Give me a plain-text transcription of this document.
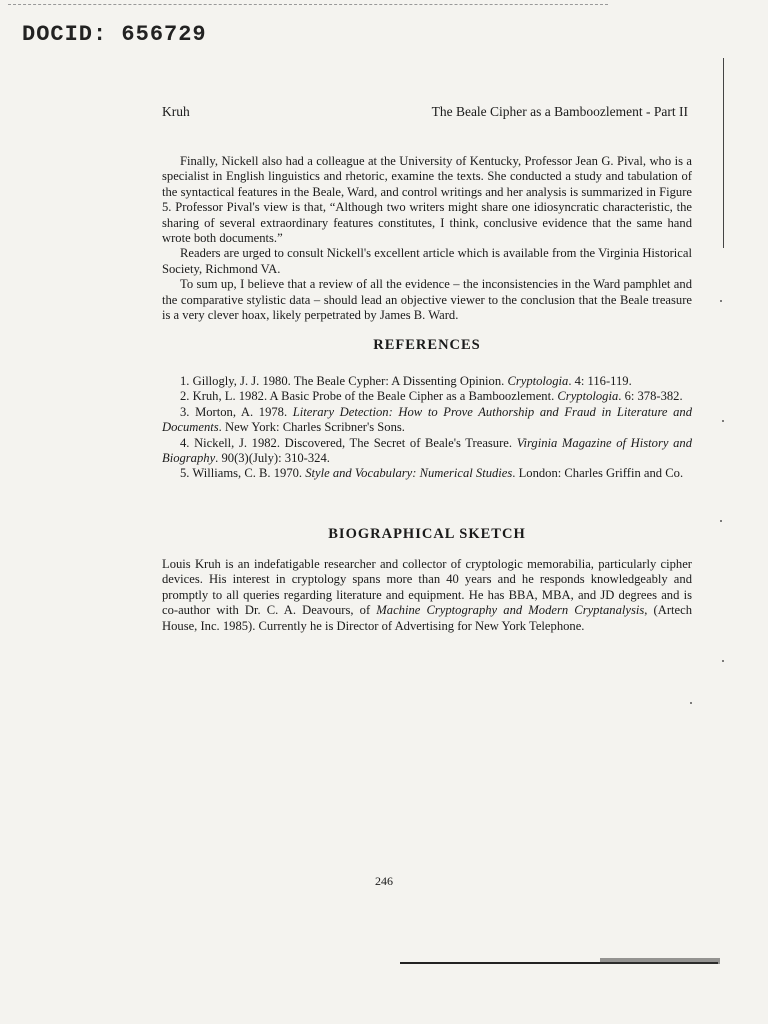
DOCID: 656729
Kruh	The Beale Cipher as a Bamboozlement - Part II

Finally, Nickell also had a colleague at the University of Kentucky, Professor Jean G. Pival, who is a specialist in English linguistics and rhetoric, examine the texts. She conducted a study and tabulation of the syntactical features in the Beale, Ward, and control writings and her analysis is summarized in Figure 5. Professor Pival's view is that, “Although two writers might share one idiosyncratic characteristic, the sharing of several extraordinary features constitutes, I think, conclusive evidence that the same hand wrote both documents.”

Readers are urged to consult Nickell's excellent article which is available from the Virginia Historical Society, Richmond VA.

To sum up, I believe that a review of all the evidence – the inconsistencies in the Ward pamphlet and the comparative stylistic data – should lead an objective viewer to the conclusion that the Beale treasure is a very clever hoax, likely perpetrated by James B. Ward.

REFERENCES
1. Gillogly, J. J. 1980. The Beale Cypher: A Dissenting Opinion. Cryptologia. 4: 116-119.
2. Kruh, L. 1982. A Basic Probe of the Beale Cipher as a Bamboozlement. Cryptologia. 6: 378-382.
3. Morton, A. 1978. Literary Detection: How to Prove Authorship and Fraud in Literature and Documents. New York: Charles Scribner's Sons.
4. Nickell, J. 1982. Discovered, The Secret of Beale's Treasure. Virginia Magazine of History and Biography. 90(3)(July): 310-324.
5. Williams, C. B. 1970. Style and Vocabulary: Numerical Studies. London: Charles Griffin and Co.
BIOGRAPHICAL SKETCH

Louis Kruh is an indefatigable researcher and collector of cryptologic memorabilia, particularly cipher devices. His interest in cryptology spans more than 40 years and he responds knowledgeably and promptly to all queries regarding literature and equipment. He has BBA, MBA, and JD degrees and is co-author with Dr. C. A. Deavours, of Machine Cryptography and Modern Cryptanalysis, (Artech House, Inc. 1985). Currently he is Director of Advertising for New York Telephone.

246
